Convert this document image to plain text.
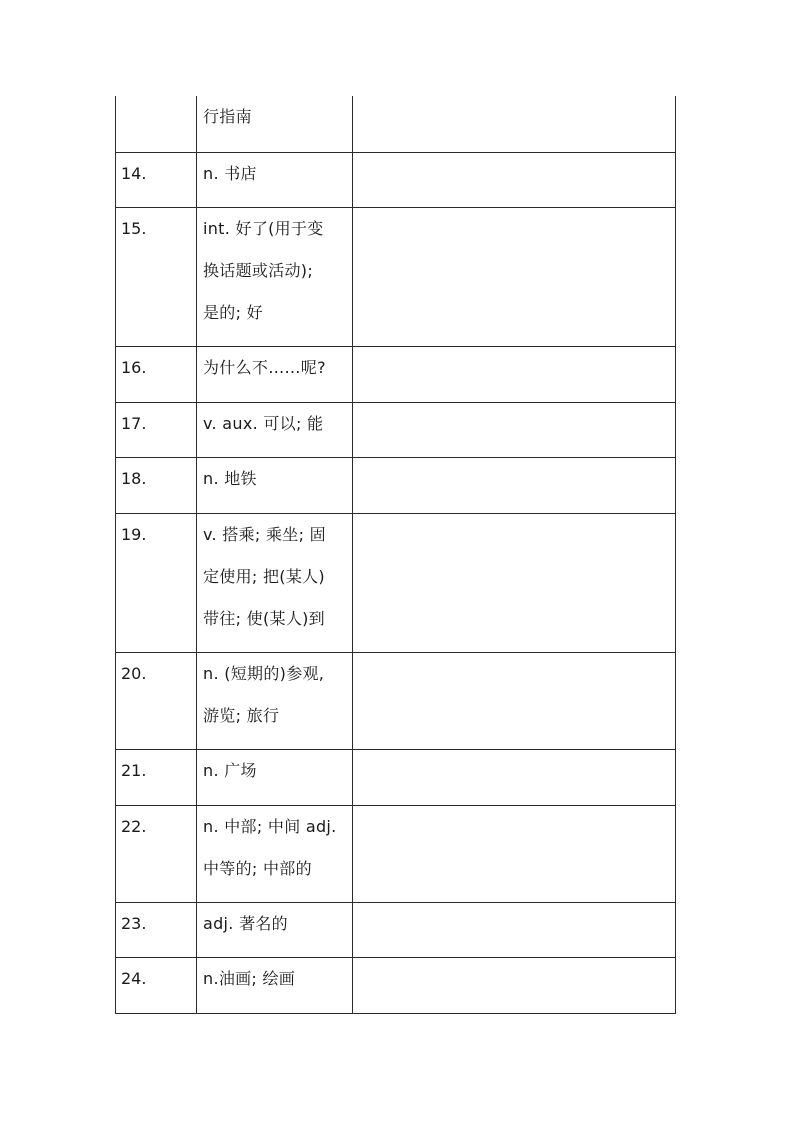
	行指南	

14.	n. 书店	

15.	int. 好了(用于变
换话题或活动);
是的; 好	

16.	为什么不……呢?	

17.	v. aux. 可以; 能	

18.	n. 地铁	

19.	v. 搭乘; 乘坐; 固
定使用; 把(某人)
带往; 使(某人)到	

20.	n. (短期的)参观,
游览; 旅行	

21.	n. 广场	

22.	n. 中部; 中间 adj.
中等的; 中部的	

23.	adj. 著名的	

24.	n.油画; 绘画	
